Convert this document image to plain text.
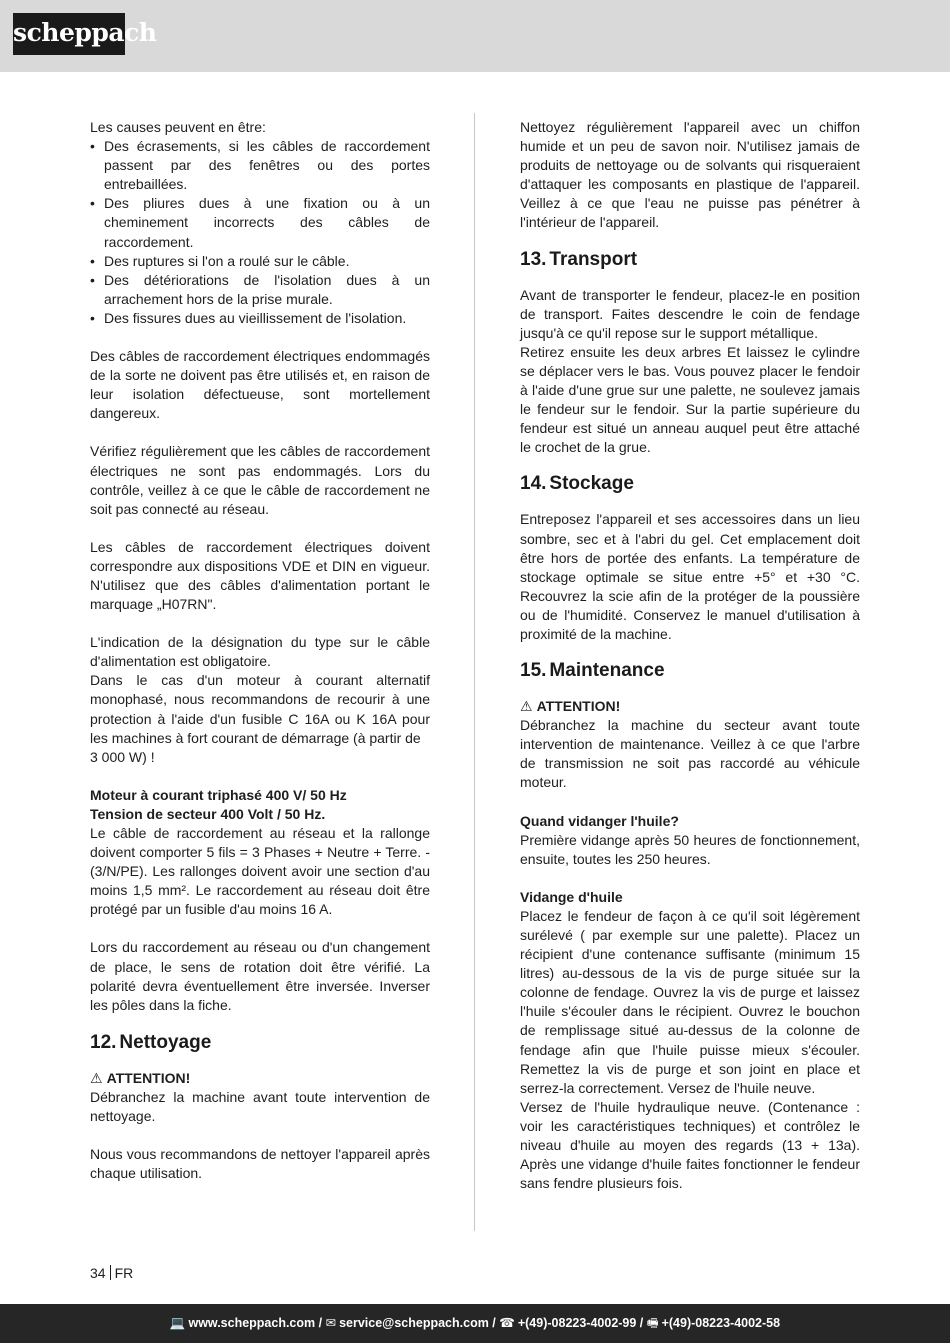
scheppach

Les causes peuvent en être:

• Des écrasements, si les câbles de raccordement passent par des fenêtres ou des portes entrebaillées.
• Des pliures dues à une fixation ou à un cheminement incorrects des câbles de raccordement.
• Des ruptures si l'on a roulé sur le câble.
• Des détériorations de l'isolation dues à un arrachement hors de la prise murale.
• Des fissures dues au vieillissement de l'isolation.

Des câbles de raccordement électriques endommagés de la sorte ne doivent pas être utilisés et, en raison de leur isolation défectueuse, sont mortellement dangereux.

Vérifiez régulièrement que les câbles de raccordement électriques ne sont pas endommagés. Lors du contrôle, veillez à ce que le câble de raccordement ne soit pas connecté au réseau.

Les câbles de raccordement électriques doivent correspondre aux dispositions VDE et DIN en vigueur. N'utilisez que des câbles d'alimentation portant le marquage „H07RN".

L'indication de la désignation du type sur le câble d'alimentation est obligatoire.

Dans le cas d'un moteur à courant alternatif monophasé, nous recommandons de recourir à une protection à l'aide d'un fusible C 16A ou K 16A pour les machines à fort courant de démarrage (à partir de

3 000 W) !

Moteur à courant triphasé 400 V/ 50 Hz

Tension de secteur 400 Volt / 50 Hz.

Le câble de raccordement au réseau et la rallonge doivent comporter 5 fils = 3 Phases + Neutre + Terre. - (3/N/PE). Les rallonges doivent avoir une section d'au moins 1,5 mm². Le raccordement au réseau doit être protégé par un fusible d'au moins 16 A.

Lors du raccordement au réseau ou d'un changement de place, le sens de rotation doit être vérifié. La polarité devra éventuellement être inversée. Inverser les pôles dans la fiche.

12. Nettoyage

⚠ ATTENTION!

Débranchez la machine avant toute intervention de nettoyage.

Nous vous recommandons de nettoyer l'appareil après chaque utilisation.

Nettoyez régulièrement l'appareil avec un chiffon humide et un peu de savon noir. N'utilisez jamais de produits de nettoyage ou de solvants qui risqueraient d'attaquer les composants en plastique de l'appareil. Veillez à ce que l'eau ne puisse pas pénétrer à l'intérieur de l'appareil.

13. Transport

Avant de transporter le fendeur, placez-le en position de transport. Faites descendre le coin de fendage jusqu'à ce qu'il repose sur le support métallique.

Retirez ensuite les deux arbres Et laissez le cylindre se déplacer vers le bas. Vous pouvez placer le fendoir à l'aide d'une grue sur une palette, ne soulevez jamais le fendeur sur le fendoir. Sur la partie supérieure du fendeur est situé un anneau auquel peut être attaché le crochet de la grue.

14. Stockage

Entreposez l'appareil et ses accessoires dans un lieu sombre, sec et à l'abri du gel. Cet emplacement doit être hors de portée des enfants. La température de stockage optimale se situe entre +5° et +30 °C. Recouvrez la scie afin de la protéger de la poussière ou de l'humidité. Conservez le manuel d'utilisation à proximité de la machine.

15. Maintenance

⚠ ATTENTION!

Débranchez la machine du secteur avant toute intervention de maintenance. Veillez à ce que l'arbre de transmission ne soit pas raccordé au véhicule moteur.

Quand vidanger l'huile?

Première vidange après 50 heures de fonctionnement, ensuite, toutes les 250 heures.

Vidange d'huile

Placez le fendeur de façon à ce qu'il soit légèrement surélevé ( par exemple sur une palette). Placez un récipient d'une contenance suffisante (minimum 15 litres) au-dessous de la vis de purge située sur la colonne de fendage. Ouvrez la vis de purge et laissez l'huile s'écouler dans le récipient. Ouvrez le bouchon de remplissage situé au-dessus de la colonne de fendage afin que l'huile puisse mieux s'écouler. Remettez la vis de purge et son joint en place et serrez-la correctement. Versez de l'huile neuve.

Versez de l'huile hydraulique neuve. (Contenance : voir les caractéristiques techniques) et contrôlez le niveau d'huile au moyen des regards (13 + 13a). Après une vidange d'huile faites fonctionner le fendeur sans fendre plusieurs fois.

34 FR
💻 www.scheppach.com / ✉ service@scheppach.com / ☎ +(49)-08223-4002-99 / 🖷 +(49)-08223-4002-58
